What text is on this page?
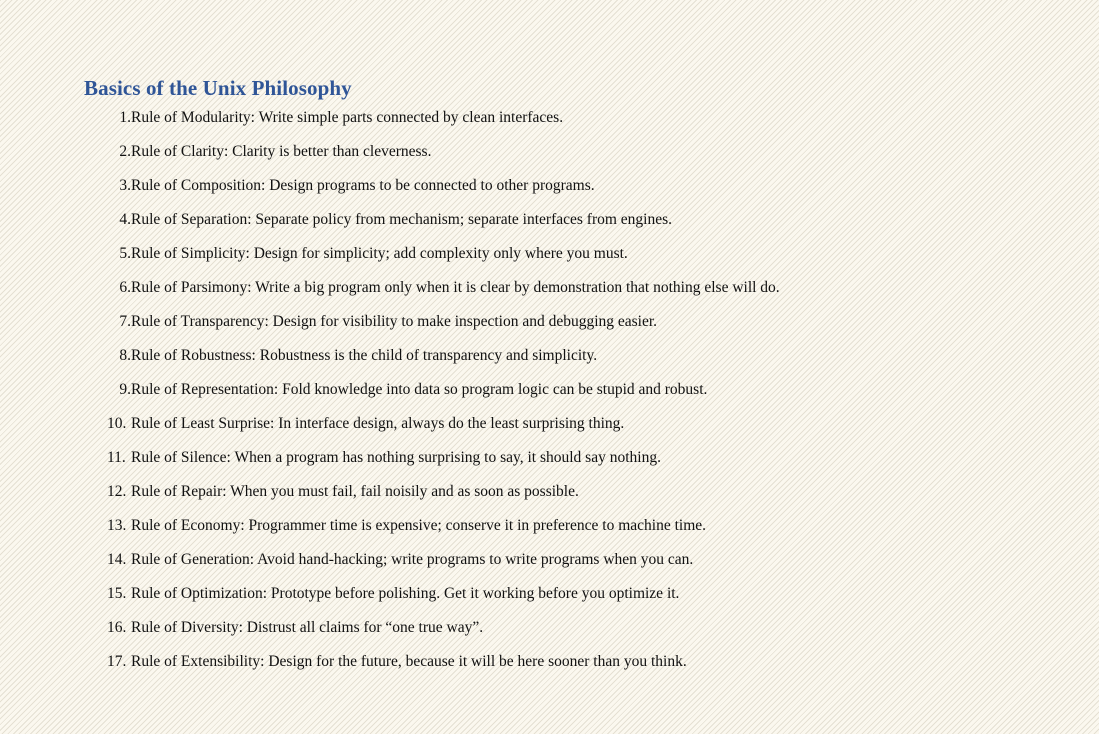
Basics of the Unix Philosophy
1. Rule of Modularity: Write simple parts connected by clean interfaces.
2. Rule of Clarity: Clarity is better than cleverness.
3. Rule of Composition: Design programs to be connected to other programs.
4. Rule of Separation: Separate policy from mechanism; separate interfaces from engines.
5. Rule of Simplicity: Design for simplicity; add complexity only where you must.
6. Rule of Parsimony: Write a big program only when it is clear by demonstration that nothing else will do.
7. Rule of Transparency: Design for visibility to make inspection and debugging easier.
8. Rule of Robustness: Robustness is the child of transparency and simplicity.
9. Rule of Representation: Fold knowledge into data so program logic can be stupid and robust.
10. Rule of Least Surprise: In interface design, always do the least surprising thing.
11. Rule of Silence: When a program has nothing surprising to say, it should say nothing.
12. Rule of Repair: When you must fail, fail noisily and as soon as possible.
13. Rule of Economy: Programmer time is expensive; conserve it in preference to machine time.
14. Rule of Generation: Avoid hand-hacking; write programs to write programs when you can.
15. Rule of Optimization: Prototype before polishing. Get it working before you optimize it.
16. Rule of Diversity: Distrust all claims for “one true way”.
17. Rule of Extensibility: Design for the future, because it will be here sooner than you think.
